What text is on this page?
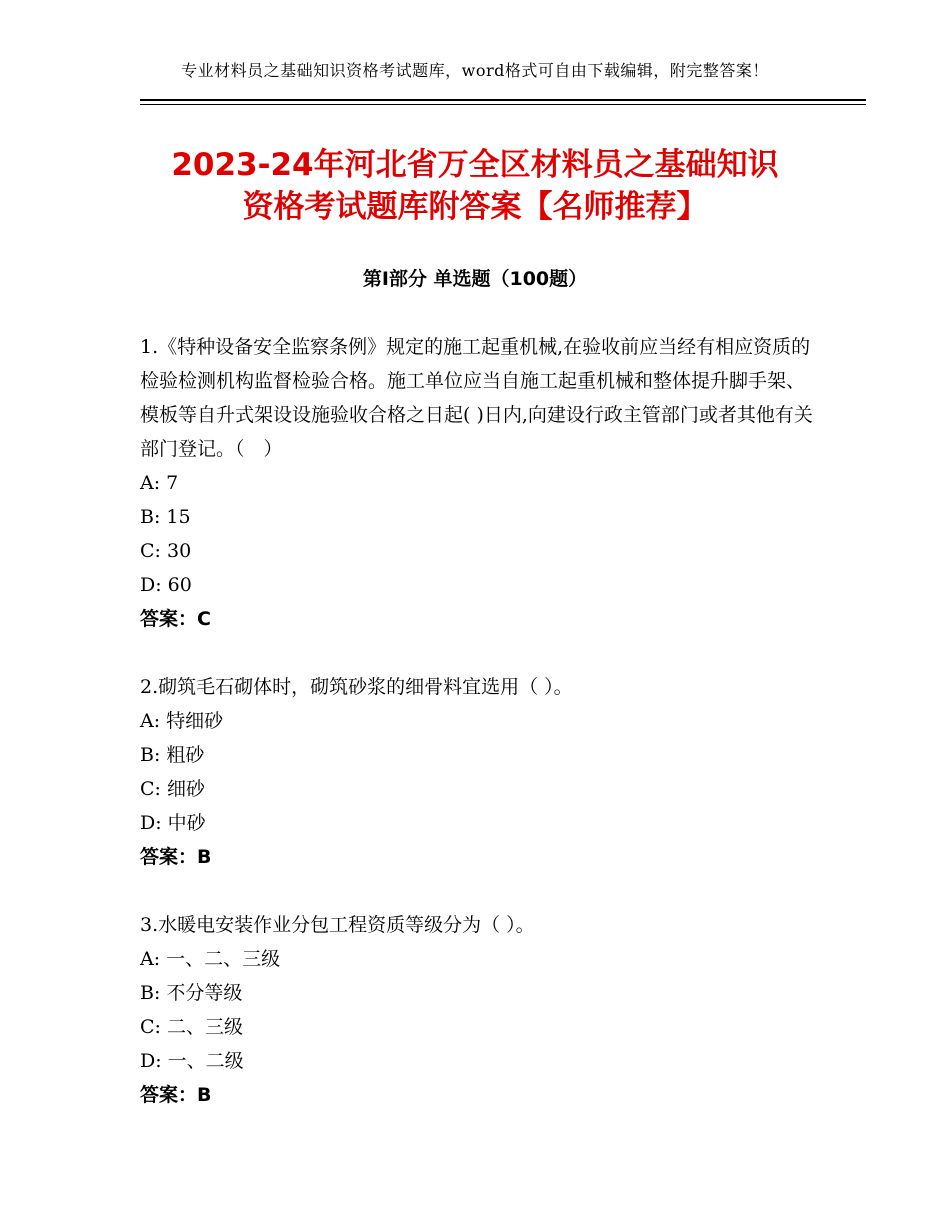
专业材料员之基础知识资格考试题库，word格式可自由下载编辑，附完整答案！
2023-24年河北省万全区材料员之基础知识
资格考试题库附答案【名师推荐】
第Ⅰ部分 单选题（100题）

1.《特种设备安全监察条例》规定的施工起重机械,在验收前应当经有相应资质的检验检测机构监督检验合格。施工单位应当自施工起重机械和整体提升脚手架、模板等自升式架设设施验收合格之日起( )日内,向建设行政主管部门或者其他有关部门登记。（　）

A: 7

B: 15

C: 30

D: 60

答案：C

2.砌筑毛石砌体时，砌筑砂浆的细骨料宜选用（ ）。

A: 特细砂

B: 粗砂

C: 细砂

D: 中砂

答案：B

3.水暖电安装作业分包工程资质等级分为（ ）。

A: 一、二、三级

B: 不分等级

C: 二、三级

D: 一、二级

答案：B
